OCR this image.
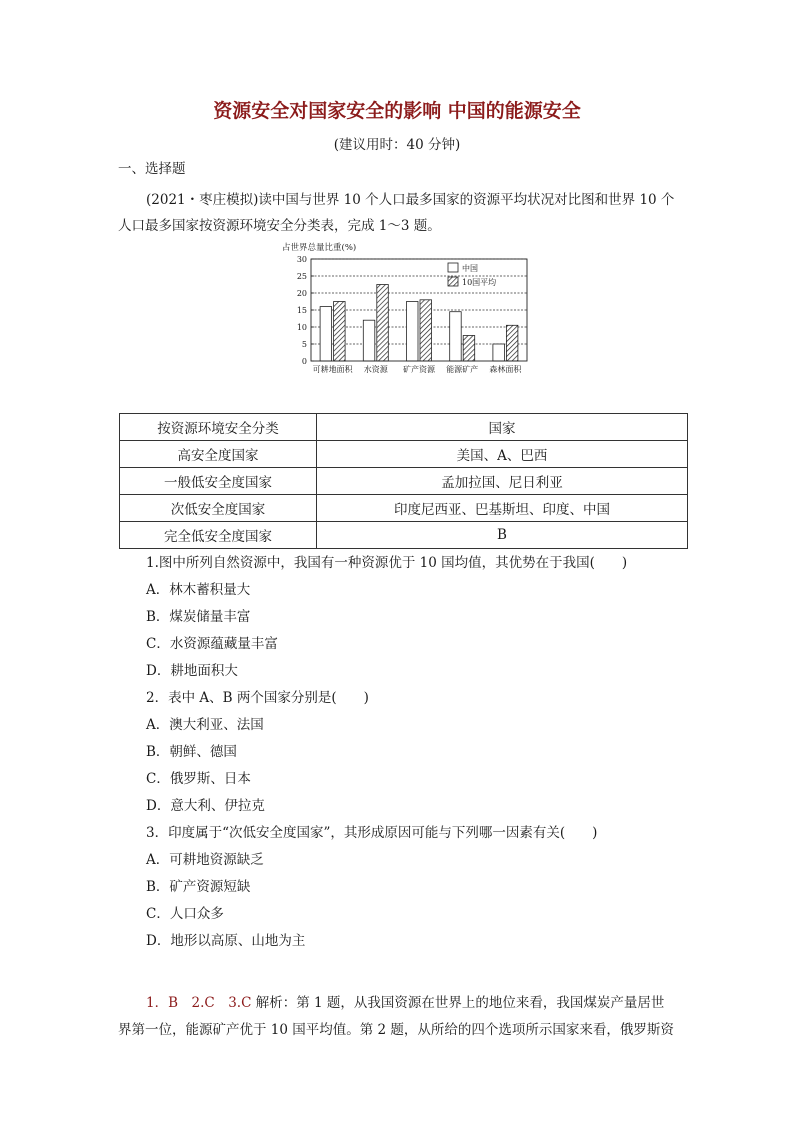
资源安全对国家安全的影响 中国的能源安全
(建议用时：40 分钟)
一、选择题
(2021・枣庄模拟)读中国与世界 10 个人口最多国家的资源平均状况对比图和世界 10 个
人口最多国家按资源环境安全分类表，完成 1～3 题。
占世界总量比重(%)
30
25
20
15
10
5
0
可耕地面积 水资源 矿产资源 能源矿产 森林面积
中国
10国平均
按资源环境安全分类	国家
高安全度国家	美国、A、巴西
一般低安全度国家	孟加拉国、尼日利亚
次低安全度国家	印度尼西亚、巴基斯坦、印度、中国
完全低安全度国家	B
1.图中所列自然资源中，我国有一种资源优于 10 国均值，其优势在于我国(　　)
A．林木蓄积量大
B．煤炭储量丰富
C．水资源蕴藏量丰富
D．耕地面积大
2．表中 A、B 两个国家分别是(　　)
A．澳大利亚、法国
B．朝鲜、德国
C．俄罗斯、日本
D．意大利、伊拉克
3．印度属于“次低安全度国家”，其形成原因可能与下列哪一因素有关(　　)
A．可耕地资源缺乏
B．矿产资源短缺
C．人口众多
D．地形以高原、山地为主
1．B　2.C　3.C 解析：第 1 题，从我国资源在世界上的地位来看，我国煤炭产量居世
界第一位，能源矿产优于 10 国平均值。第 2 题，从所给的四个选项所示国家来看，俄罗斯资
